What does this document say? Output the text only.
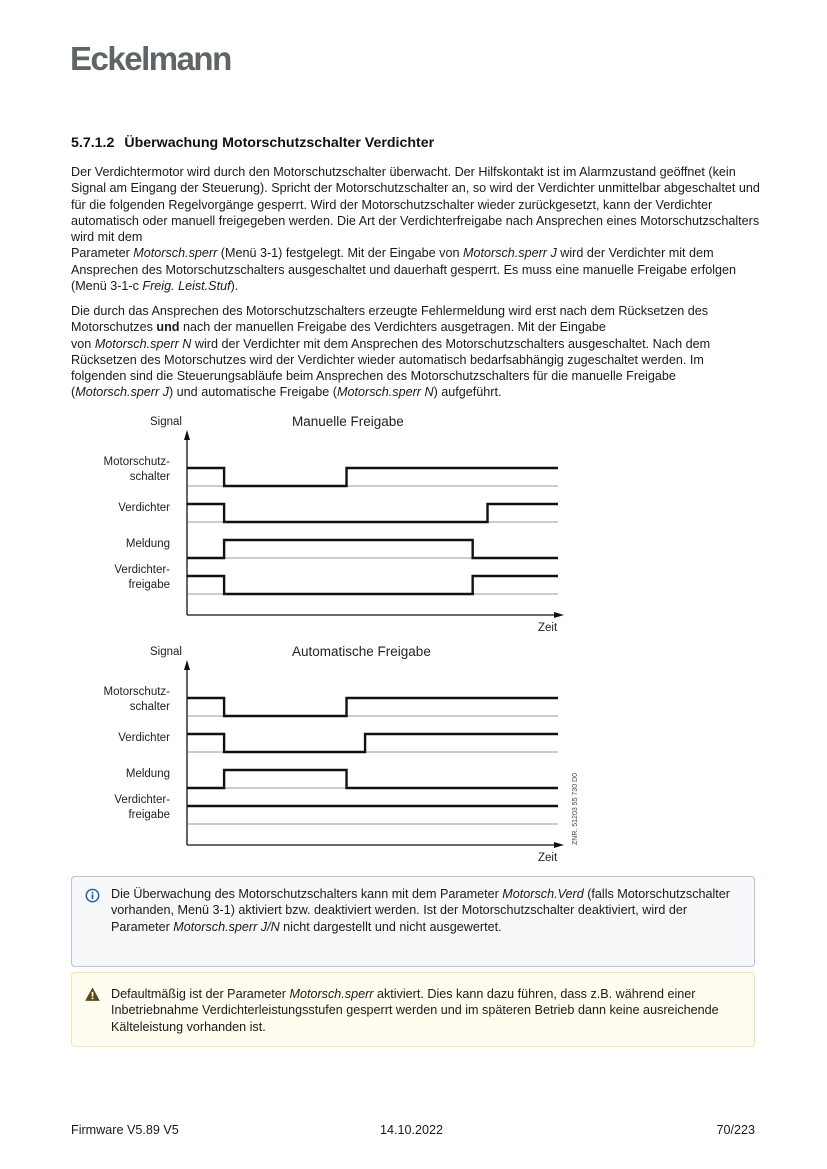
Eckelmann
5.7.1.2 Überwachung Motorschutzschalter Verdichter
Der Verdichtermotor wird durch den Motorschutzschalter überwacht. Der Hilfskontakt ist im Alarmzustand geöffnet (kein Signal am Eingang der Steuerung). Spricht der Motorschutzschalter an, so wird der Verdichter unmittelbar abgeschaltet und für die folgenden Regelvorgänge gesperrt. Wird der Motorschutzschalter wieder zurückgesetzt, kann der Verdichter automatisch oder manuell freigegeben werden. Die Art der Verdichterfreigabe nach Ansprechen eines Motorschutzschalters wird mit dem
Parameter Motorsch.sperr (Menü 3-1) festgelegt. Mit der Eingabe von Motorsch.sperr J wird der Verdichter mit dem Ansprechen des Motorschutzschalters ausgeschaltet und dauerhaft gesperrt. Es muss eine manuelle Freigabe erfolgen (Menü 3-1-c Freig. Leist.Stuf).
Die durch das Ansprechen des Motorschutzschalters erzeugte Fehlermeldung wird erst nach dem Rücksetzen des Motorschutzes und nach der manuellen Freigabe des Verdichters ausgetragen. Mit der Eingabe
von Motorsch.sperr N wird der Verdichter mit dem Ansprechen des Motorschutzschalters ausgeschaltet. Nach dem Rücksetzen des Motorschutzes wird der Verdichter wieder automatisch bedarfsabhängig zugeschaltet werden. Im folgenden sind die Steuerungsabläufe beim Ansprechen des Motorschutzschalters für die manuelle Freigabe (Motorsch.sperr J) und automatische Freigabe (Motorsch.sperr N) aufgeführt.
Signal	Manuelle Freigabe
Zeit
Motorschutz-
schalter
Verdichter
Meldung
Verdichter-
freigabe
Signal	Automatische Freigabe
Zeit
Motorschutz-
schalter
Verdichter
Meldung
Verdichter-
freigabe	ZNR. 51203 55 730 D0
Die Überwachung des Motorschutzschalters kann mit dem Parameter Motorsch.Verd (falls Motorschutzschalter vorhanden, Menü 3-1) aktiviert bzw. deaktiviert werden. Ist der Motorschutzschalter deaktiviert, wird der Parameter Motorsch.sperr J/N nicht dargestellt und nicht ausgewertet.
Defaultmäßig ist der Parameter Motorsch.sperr aktiviert. Dies kann dazu führen, dass z.B. während einer Inbetriebnahme Verdichterleistungsstufen gesperrt werden und im späteren Betrieb dann keine ausreichende Kälteleistung vorhanden ist.
Firmware V5.89 V5	14.10.2022	70/223
